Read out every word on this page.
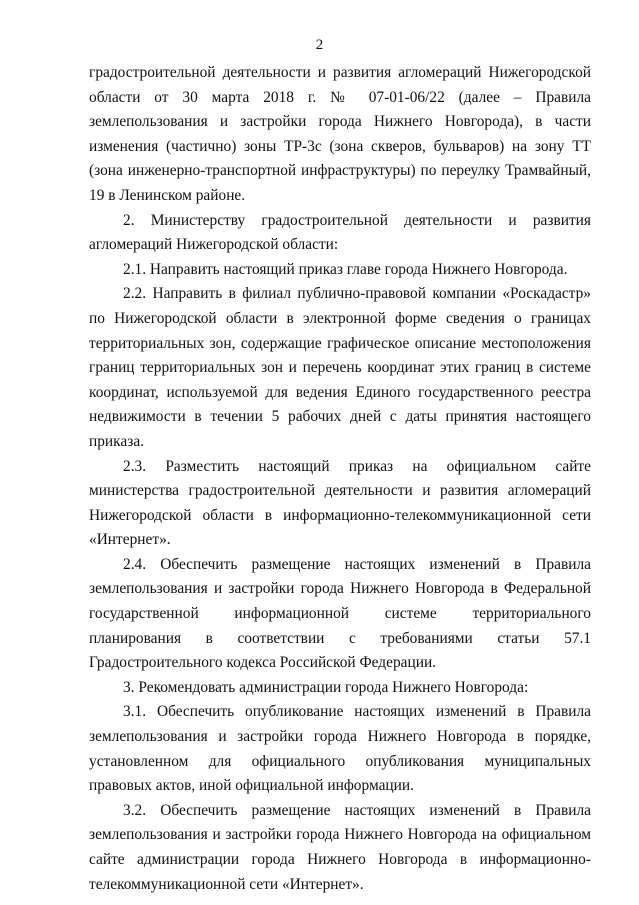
2

градостроительной деятельности и развития агломераций Нижегородской области от 30 марта 2018 г. № 07-01-06/22 (далее – Правила землепользования и застройки города Нижнего Новгорода), в части изменения (частично) зоны ТР-3с (зона скверов, бульваров) на зону ТТ (зона инженерно-транспортной инфраструктуры) по переулку Трамвайный, 19 в Ленинском районе.

2. Министерству градостроительной деятельности и развития агломераций Нижегородской области:

2.1. Направить настоящий приказ главе города Нижнего Новгорода.

2.2. Направить в филиал публично-правовой компании «Роскадастр» по Нижегородской области в электронной форме сведения о границах территориальных зон, содержащие графическое описание местоположения границ территориальных зон и перечень координат этих границ в системе координат, используемой для ведения Единого государственного реестра недвижимости в течении 5 рабочих дней с даты принятия настоящего приказа.

2.3. Разместить настоящий приказ на официальном сайте министерства градостроительной деятельности и развития агломераций Нижегородской области в информационно-телекоммуникационной сети «Интернет».

2.4. Обеспечить размещение настоящих изменений в Правила землепользования и застройки города Нижнего Новгорода в Федеральной государственной информационной системе территориального планирования в соответствии с требованиями статьи 57.1 Градостроительного кодекса Российской Федерации.

3. Рекомендовать администрации города Нижнего Новгорода:

3.1. Обеспечить опубликование настоящих изменений в Правила землепользования и застройки города Нижнего Новгорода в порядке, установленном для официального опубликования муниципальных правовых актов, иной официальной информации.

3.2. Обеспечить размещение настоящих изменений в Правила землепользования и застройки города Нижнего Новгорода на официальном сайте администрации города Нижнего Новгорода в информационно-телекоммуникационной сети «Интернет».
